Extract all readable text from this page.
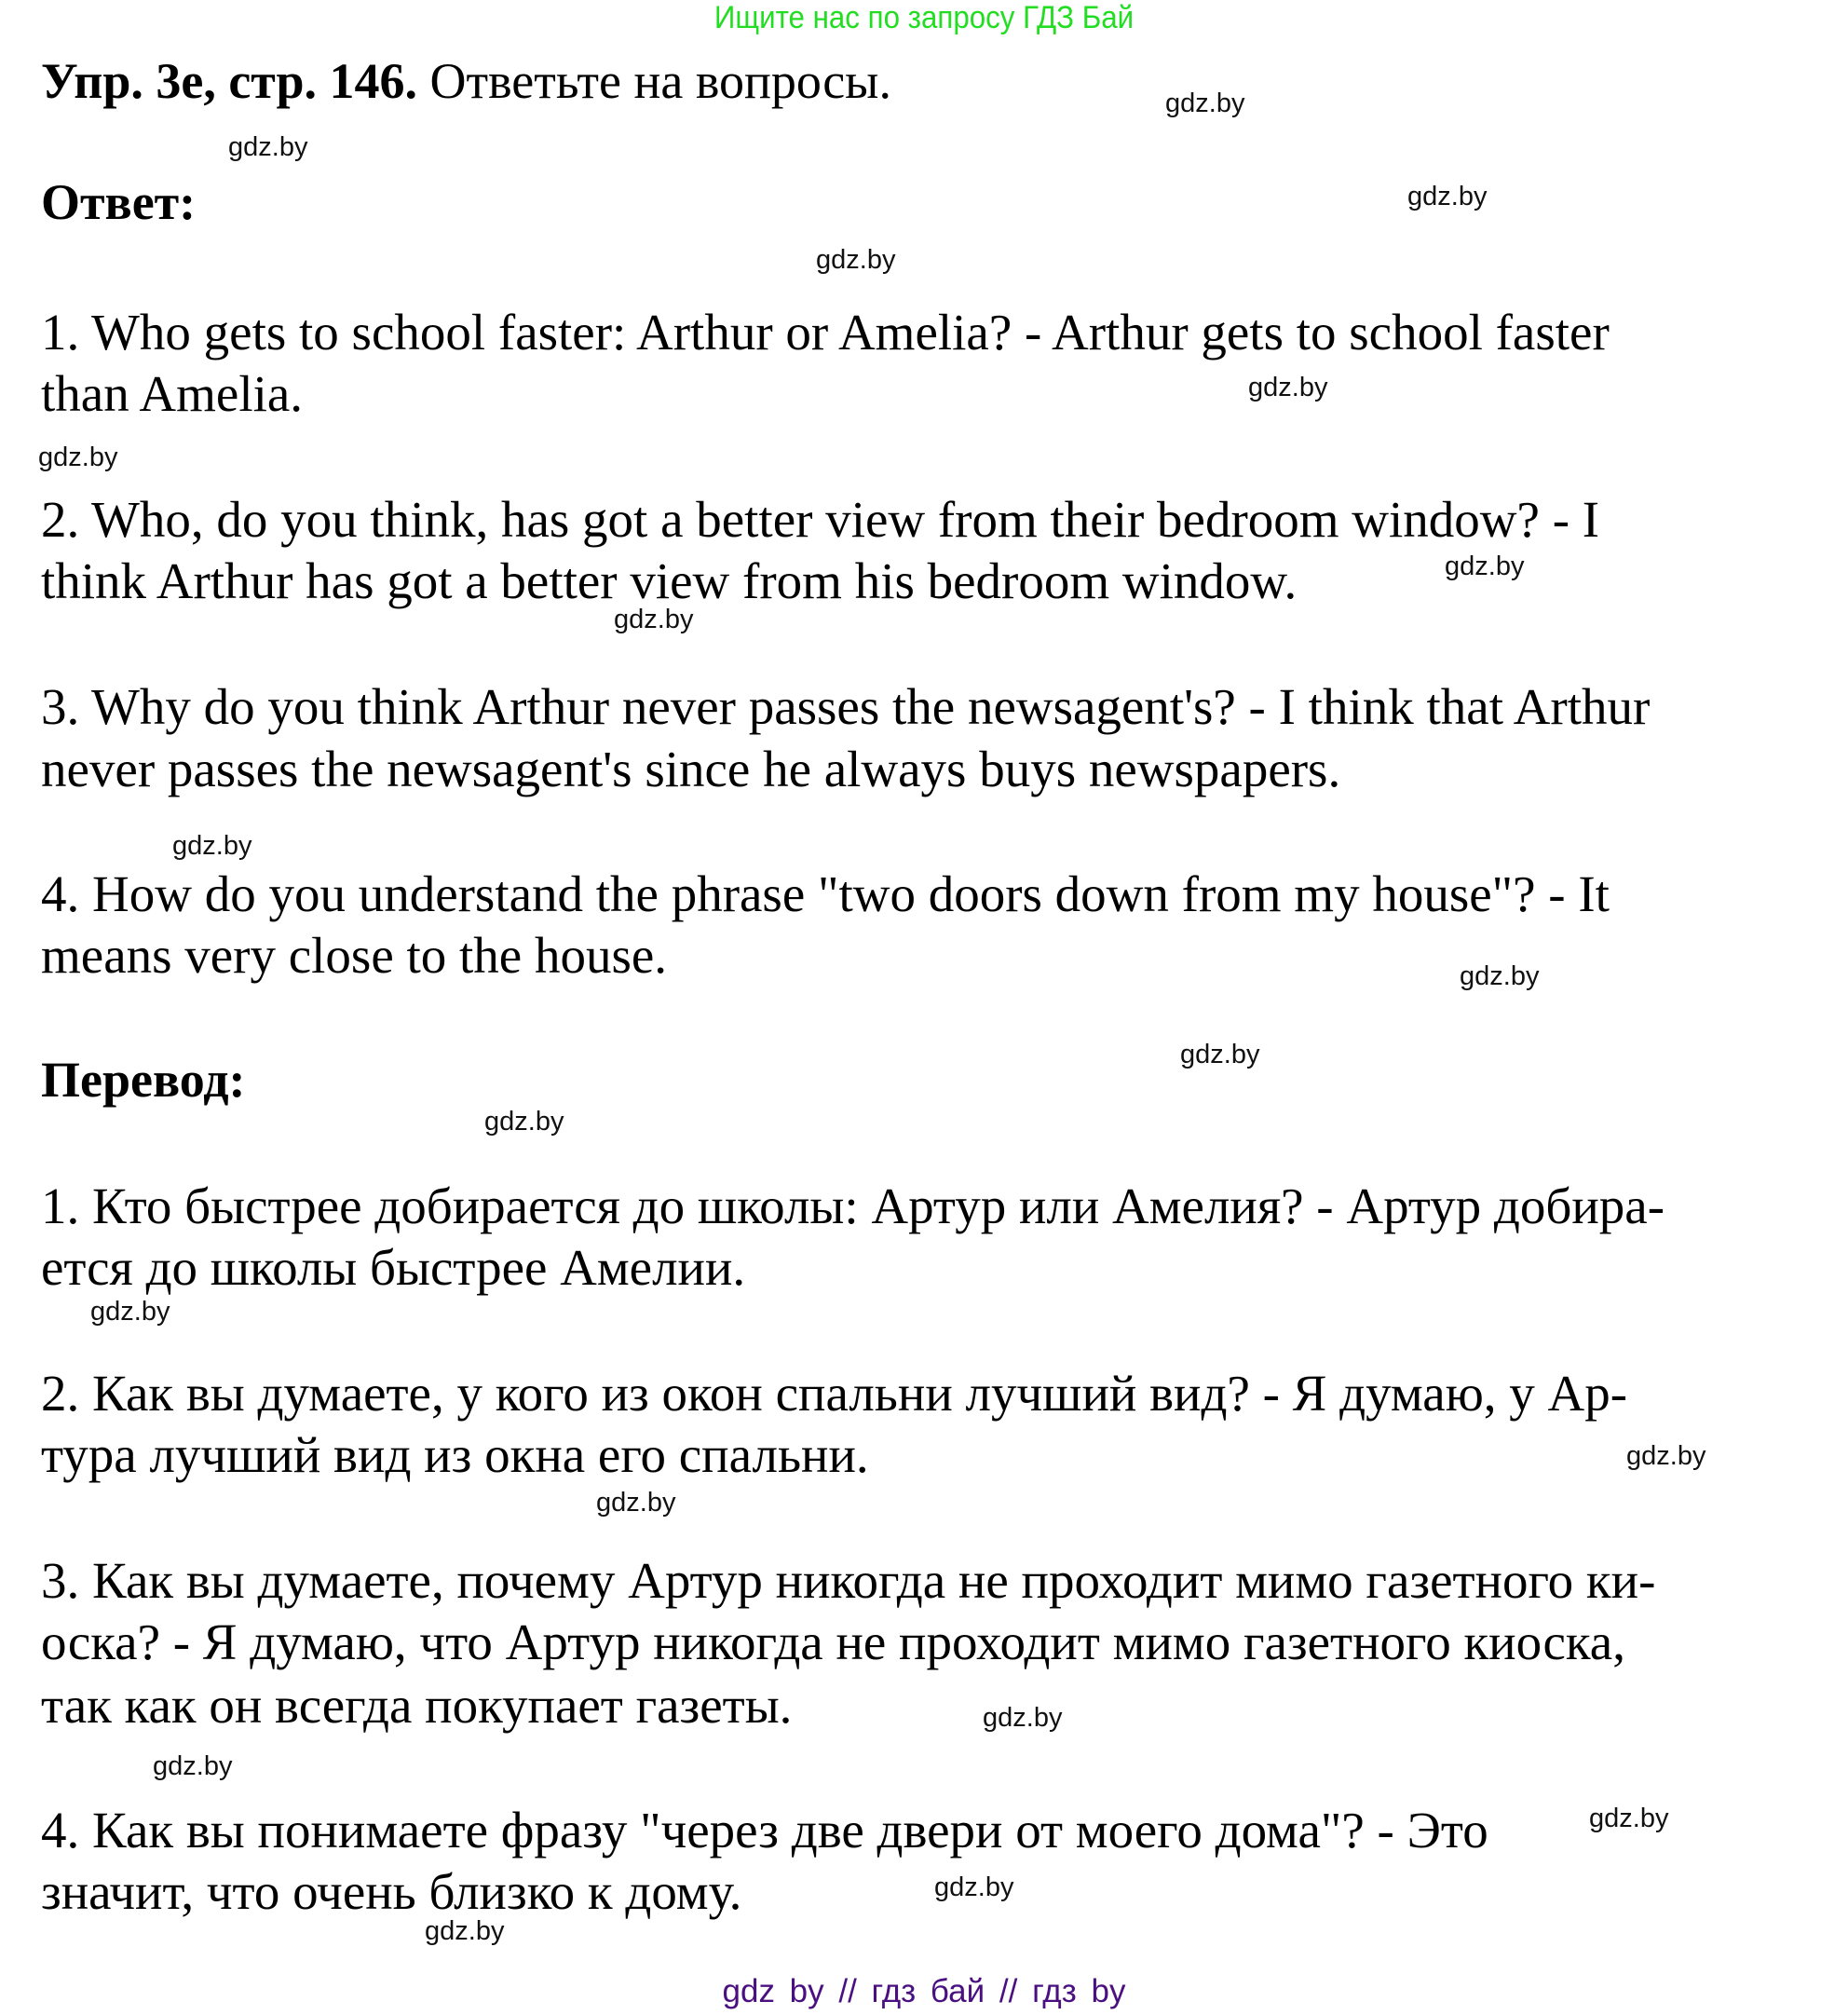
Ищите нас по запросу ГДЗ Бай
Упр. 3е, стр. 146. Ответьте на вопросы.
Ответ:
1. Who gets to school faster: Arthur or Amelia? - Arthur gets to school faster
than Amelia.
2. Who, do you think, has got a better view from their bedroom window? - I
think Arthur has got a better view from his bedroom window.
3. Why do you think Arthur never passes the newsagent's? - I think that Arthur
never passes the newsagent's since he always buys newspapers.
4. How do you understand the phrase "two doors down from my house"? - It
means very close to the house.
Перевод:
1. Кто быстрее добирается до школы: Артур или Амелия? - Артур добира-
ется до школы быстрее Амелии.
2. Как вы думаете, у кого из окон спальни лучший вид? - Я думаю, у Ар-
тура лучший вид из окна его спальни.
3. Как вы думаете, почему Артур никогда не проходит мимо газетного ки-
оска? - Я думаю, что Артур никогда не проходит мимо газетного киоска,
так как он всегда покупает газеты.
4. Как вы понимаете фразу "через две двери от моего дома"? - Это
значит, что очень близко к дому.
gdz.by
gdz.by
gdz.by
gdz.by
gdz.by
gdz.by
gdz.by
gdz.by
gdz.by
gdz.by
gdz.by
gdz.by
gdz.by
gdz.by
gdz.by
gdz.by
gdz.by
gdz.by
gdz.by
gdz.by
gdz by // гдз бай // гдз by
